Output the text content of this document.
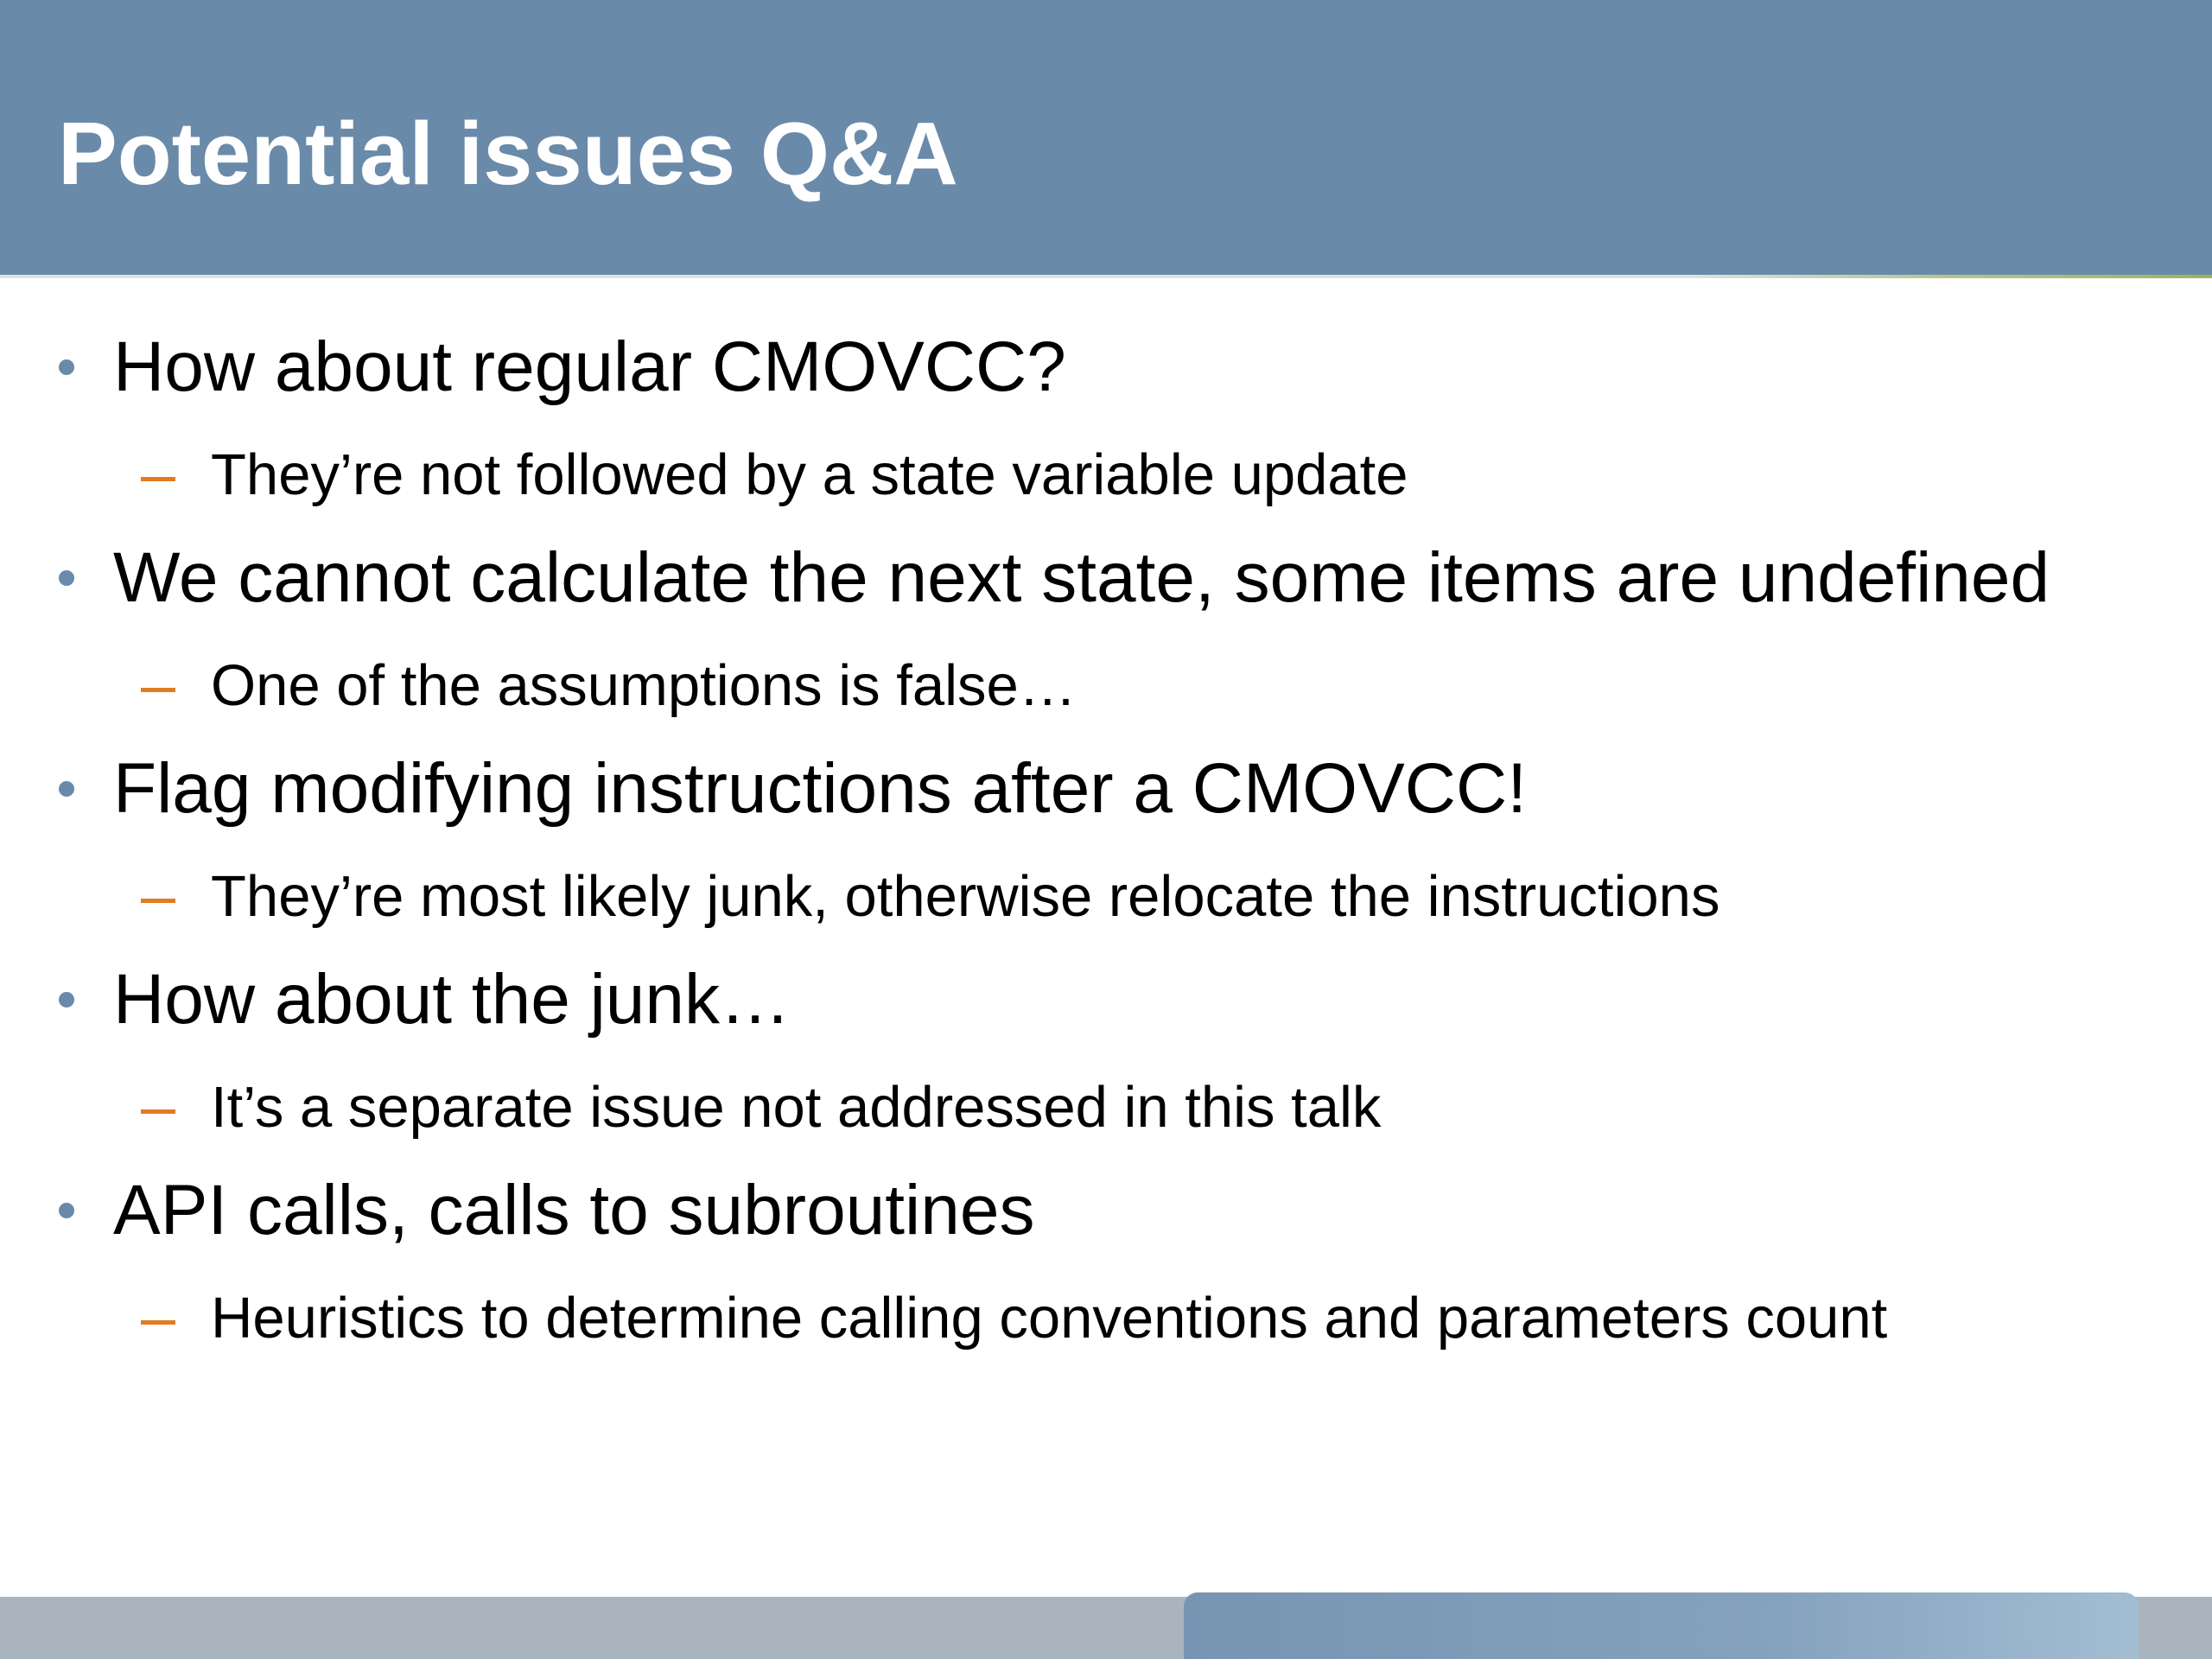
Potential issues Q&A
How about regular CMOVCC?
They’re not followed by a state variable update
We cannot calculate the next state, some items are undefined
One of the assumptions is false…
Flag modifying instructions after a CMOVCC!
They’re most likely junk, otherwise relocate the instructions
How about the junk…
It’s a separate issue not addressed in this talk
API calls, calls to subroutines
Heuristics to determine calling conventions and parameters count
